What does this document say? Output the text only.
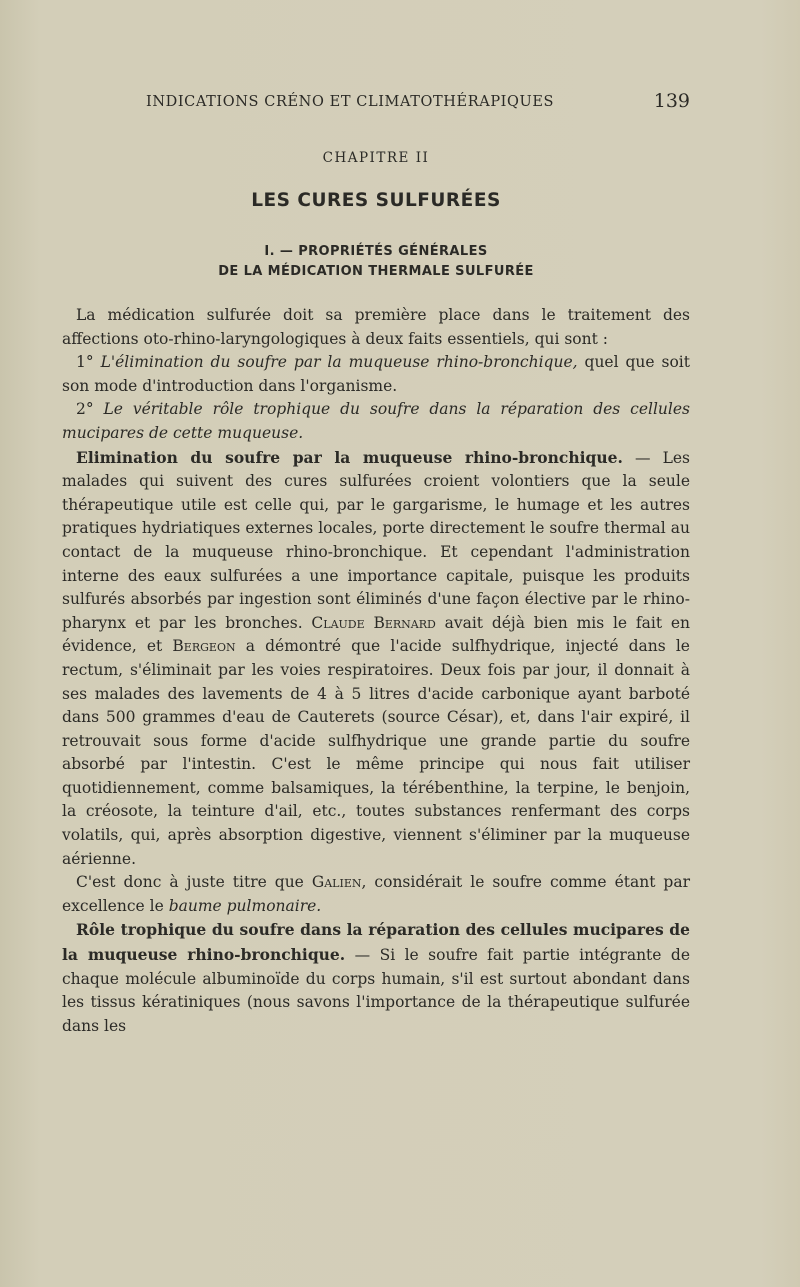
INDICATIONS CRÉNO ET CLIMATOTHÉRAPIQUES	139
CHAPITRE II
LES CURES SULFURÉES
I. — PROPRIÉTÉS GÉNÉRALES
DE LA MÉDICATION THERMALE SULFURÉE

La médication sulfurée doit sa première place dans le traitement des affections oto-rhino-laryngologiques à deux faits essentiels, qui sont :

1° L'élimination du soufre par la muqueuse rhino-bronchique, quel que soit son mode d'introduction dans l'organisme.

2° Le véritable rôle trophique du soufre dans la réparation des cellules mucipares de cette muqueuse.

Elimination du soufre par la muqueuse rhino-bronchique. — Les malades qui suivent des cures sulfurées croient volontiers que la seule thérapeutique utile est celle qui, par le gargarisme, le humage et les autres pratiques hydriatiques externes locales, porte directement le soufre thermal au contact de la muqueuse rhino-bronchique. Et cependant l'administration interne des eaux sulfurées a une importance capitale, puisque les produits sulfurés absorbés par ingestion sont éliminés d'une façon élective par le rhino-pharynx et par les bronches. Claude Bernard avait déjà bien mis le fait en évidence, et Bergeon a démontré que l'acide sulfhydrique, injecté dans le rectum, s'éliminait par les voies respiratoires. Deux fois par jour, il donnait à ses malades des lavements de 4 à 5 litres d'acide carbonique ayant barboté dans 500 grammes d'eau de Cauterets (source César), et, dans l'air expiré, il retrouvait sous forme d'acide sulfhydrique une grande partie du soufre absorbé par l'intestin. C'est le même principe qui nous fait utiliser quotidiennement, comme balsamiques, la térébenthine, la terpine, le benjoin, la créosote, la teinture d'ail, etc., toutes substances renfermant des corps volatils, qui, après absorption digestive, viennent s'éliminer par la muqueuse aérienne.

C'est donc à juste titre que Galien, considérait le soufre comme étant par excellence le baume pulmonaire.

Rôle trophique du soufre dans la réparation des cellules mucipares de la muqueuse rhino-bronchique. — Si le soufre fait partie intégrante de chaque molécule albuminoïde du corps humain, s'il est surtout abondant dans les tissus kératiniques (nous savons l'importance de la thérapeutique sulfurée dans les
